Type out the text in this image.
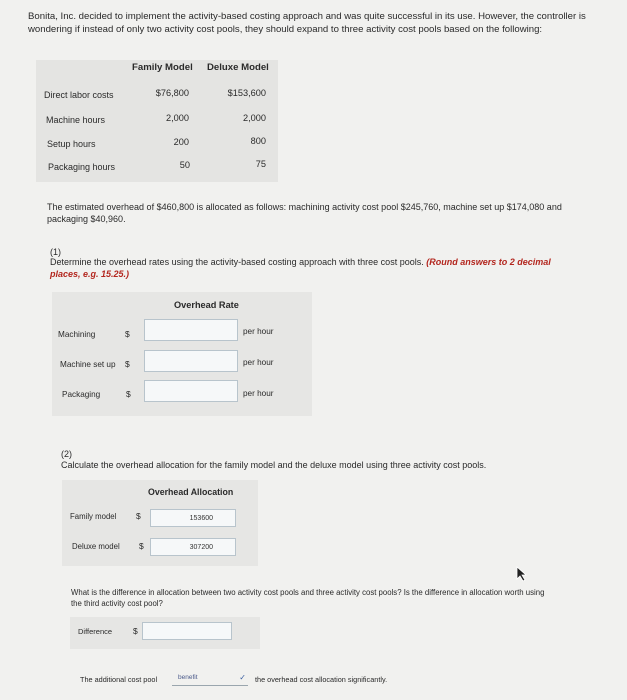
Bonita, Inc. decided to implement the activity-based costing approach and was quite successful in its use. However, the controller is wondering if instead of only two activity cost pools, they should expand to three activity cost pools based on the following:
Family Model Deluxe Model
Direct labor costs	$76,800	$153,600
Machine hours	2,000	2,000
Setup hours	200	800
Packaging hours	50	75
The estimated overhead of $460,800 is allocated as follows: machining activity cost pool $245,760, machine set up $174,080 and packaging $40,960.
(1)
Determine the overhead rates using the activity-based costing approach with three cost pools. (Round answers to 2 decimal places, e.g. 15.25.)
Overhead Rate
Machining	$	per hour
Machine set up $	per hour
Packaging	$	per hour
(2)
Calculate the overhead allocation for the family model and the deluxe model using three activity cost pools.
Overhead Allocation
Family model $
153600
Deluxe model $
307200
What is the difference in allocation between two activity cost pools and three activity cost pools? Is the difference in allocation worth using the third activity cost pool?
Difference $
The additional cost pool	benefit	✓ the overhead cost allocation significantly.
